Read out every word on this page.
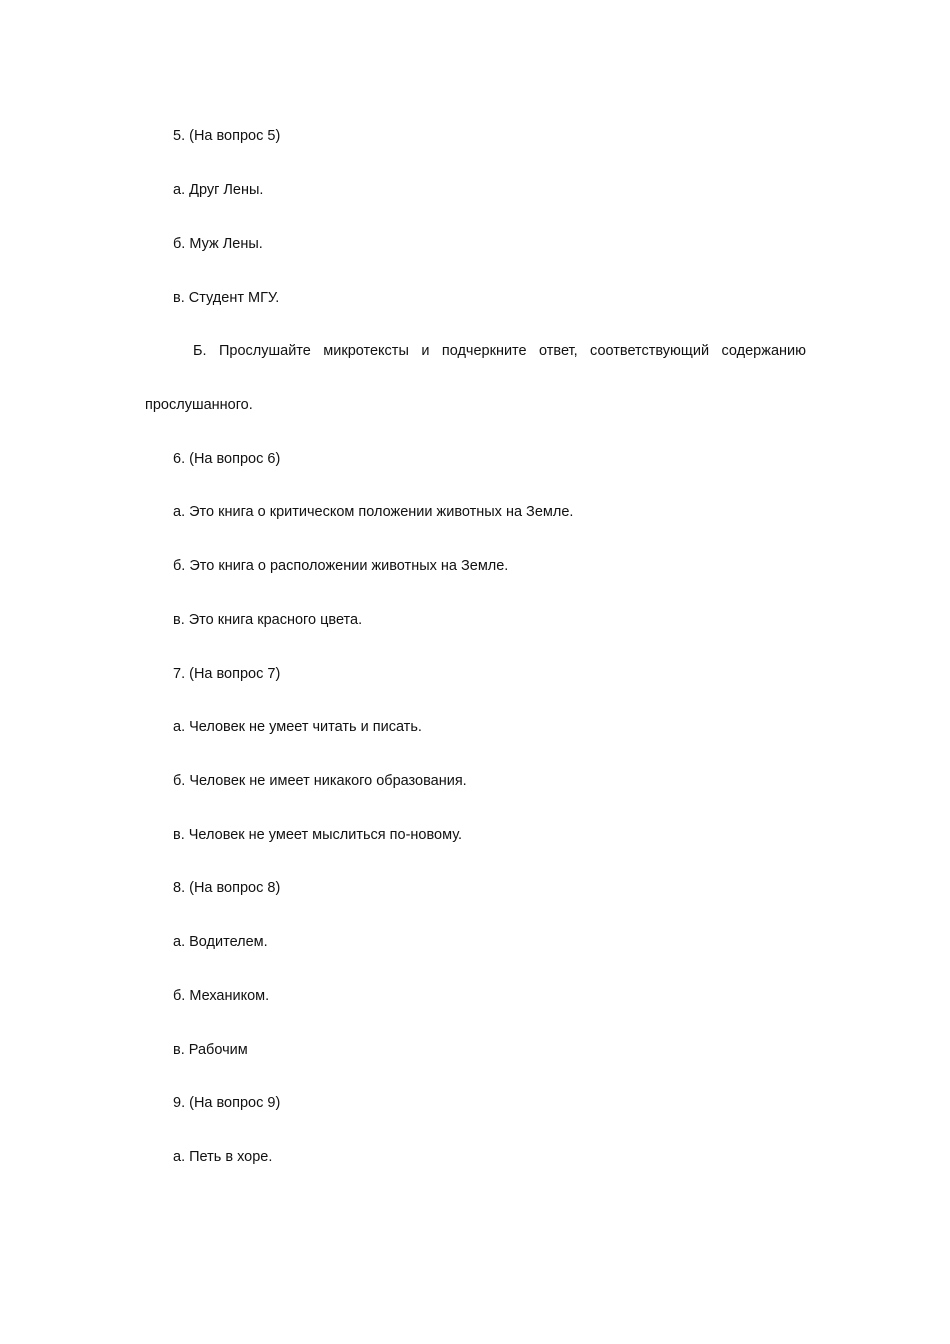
5. (На вопрос 5)
а. Друг Лены.
б. Муж Лены.
в. Студент МГУ.
Б. Прослушайте микротексты и подчеркните ответ, соответствующий содержанию
прослушанного.
6. (На вопрос 6)
а. Это книга о критическом положении животных на Земле.
б. Это книга о расположении животных на Земле.
в. Это книга красного цвета.
7. (На вопрос 7)
а. Человек не умеет читать и писать.
б. Человек не имеет никакого образования.
в. Человек не умеет мыслиться по-новому.
8. (На вопрос 8)
а. Водителем.
б. Механиком.
в. Рабочим
9. (На вопрос 9)
а. Петь в хоре.
